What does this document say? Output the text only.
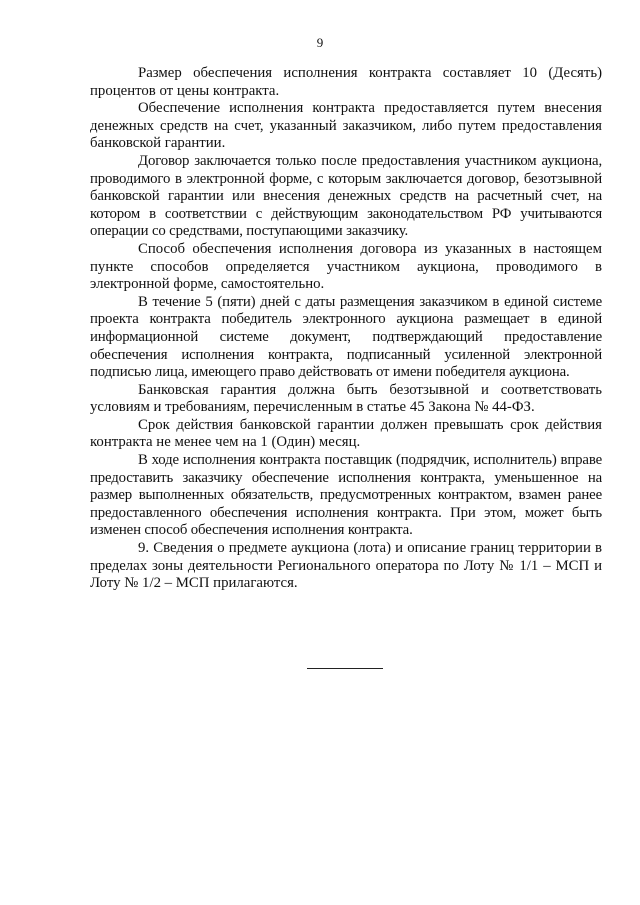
9

Размер обеспечения исполнения контракта составляет 10 (Десять) процентов от цены контракта.

Обеспечение исполнения контракта предоставляется путем внесения денежных средств на счет, указанный заказчиком, либо путем предоставления банковской гарантии.

Договор заключается только после предоставления участником аукциона, проводимого в электронной форме, с которым заключается договор, безотзывной банковской гарантии или внесения денежных средств на расчетный счет, на котором в соответствии с действующим законодательством РФ учитываются операции со средствами, поступающими заказчику.

Способ обеспечения исполнения договора из указанных в настоящем пункте способов определяется участником аукциона, проводимого в электронной форме, самостоятельно.

В течение 5 (пяти) дней с даты размещения заказчиком в единой системе проекта контракта победитель электронного аукциона размещает в единой информационной системе документ, подтверждающий предоставление обеспечения исполнения контракта, подписанный усиленной электронной подписью лица, имеющего право действовать от имени победителя аукциона.

Банковская гарантия должна быть безотзывной и соответствовать условиям и требованиям, перечисленным в статье 45 Закона № 44-ФЗ.

Срок действия банковской гарантии должен превышать срок действия контракта не менее чем на 1 (Один) месяц.

В ходе исполнения контракта поставщик (подрядчик, исполнитель) вправе предоставить заказчику обеспечение исполнения контракта, уменьшенное на размер выполненных обязательств, предусмотренных контрактом, взамен ранее предоставленного обеспечения исполнения контракта. При этом, может быть изменен способ обеспечения исполнения контракта.

9. Сведения о предмете аукциона (лота) и описание границ территории в пределах зоны деятельности Регионального оператора по Лоту № 1/1 – МСП и Лоту № 1/2 – МСП прилагаются.
